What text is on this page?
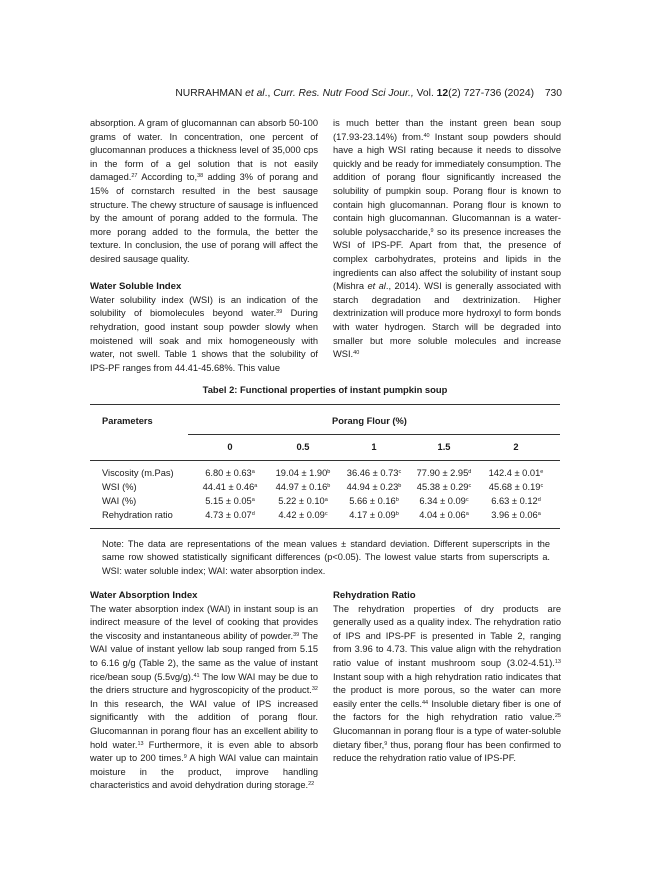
NURRAHMAN et al., Curr. Res. Nutr Food Sci Jour., Vol. 12(2) 727-736 (2024) 730

absorption. A gram of glucomannan can absorb 50-100 grams of water. In concentration, one percent of glucomannan produces a thickness level of 35,000 cps in the form of a gel solution that is not easily damaged.$^{27}$ According to,$^{38}$ adding 3% of porang and 15% of cornstarch resulted in the best sausage structure. The chewy structure of sausage is influenced by the amount of porang added to the formula. The more porang added to the formula, the better the texture. In conclusion, the use of porang will affect the desired sausage quality.

Water Soluble Index

Water solubility index (WSI) is an indication of the solubility of biomolecules beyond water.$^{39}$ During rehydration, good instant soup powder slowly when moistened will soak and mix homogeneously with water, not swell. Table 1 shows that the solubility of IPS-PF ranges from 44.41-45.68%. This value

is much better than the instant green bean soup (17.93-23.14%) from.$^{40}$ Instant soup powders should have a high WSI rating because it needs to dissolve quickly and be ready for immediately consumption. The addition of porang flour significantly increased the solubility of pumpkin soup. Porang flour is known to contain high glucomannan. Porang flour is known to contain high glucomannan. Glucomannan is a water-soluble polysaccharide,$^9$ so its presence increases the WSI of IPS-PF. Apart from that, the presence of complex carbohydrates, proteins and lipids in the ingredients can also affect the solubility of instant soup (Mishra et al., 2014). WSI is generally associated with starch degradation and dextrinization. Higher dextrinization will produce more hydroxyl to form bonds with water hydrogen. Starch will be degraded into smaller but more soluble molecules and increase WSI.$^{40}$

Tabel 2: Functional properties of instant pumpkin soup
Parameters	Porang Flour (%)
0	0.5	1	1.5	2
Viscosity (m.Pas)	6.80 ± 0.63$^a$	19.04 ± 1.90$^b$	36.46 ± 0.73$^c$	77.90 ± 2.95$^d$	142.4 ± 0.01$^e$
WSI (%)	44.41 ± 0.46$^a$	44.97 ± 0.16$^b$	44.94 ± 0.23$^b$	45.38 ± 0.29$^c$	45.68 ± 0.19$^c$
WAI (%)	5.15 ± 0.05$^a$	5.22 ± 0.10$^a$	5.66 ± 0.16$^b$	6.34 ± 0.09$^c$	6.63 ± 0.12$^d$
Rehydration ratio	4.73 ± 0.07$^d$	4.42 ± 0.09$^c$	4.17 ± 0.09$^b$	4.04 ± 0.06$^a$	3.96 ± 0.06$^a$
Note: The data are representations of the mean values ± standard deviation. Different superscripts in the same row showed statistically significant differences (p<0.05). The lowest value starts from superscripts a. WSI: water soluble index; WAI: water absorption index.
Water Absorption Index

The water absorption index (WAI) in instant soup is an indirect measure of the level of cooking that provides the viscosity and instantaneous ability of powder.$^{39}$ The WAI value of instant yellow lab soup ranged from 5.15 to 6.16 g/g (Table 2), the same as the value of instant rice/bean soup (5.5vg/g).$^{41}$ The low WAI may be due to the driers structure and hygroscopicity of the product.$^{32}$ In this research, the WAI value of IPS increased significantly with the addition of porang flour. Glucomannan in porang flour has an excellent ability to hold water.$^{13}$ Furthermore, it is even able to absorb water up to 200 times.$^9$ A high WAI value can maintain moisture in the product, improve handling characteristics and avoid dehydration during storage.$^{22}$

Rehydration Ratio

The rehydration properties of dry products are generally used as a quality index. The rehydration ratio of IPS and IPS-PF is presented in Table 2, ranging from 3.96 to 4.73. This value align with the rehydration ratio value of instant mushroom soup (3.02-4.51).$^{13}$ Instant soup with a high rehydration ratio indicates that the product is more porous, so the water can more easily enter the cells.$^{44}$ Insoluble dietary fiber is one of the factors for the high rehydration ratio value.$^{25}$ Glucomannan in porang flour is a type of water-soluble dietary fiber,$^9$ thus, porang flour has been confirmed to reduce the rehydration ratio value of IPS-PF.
